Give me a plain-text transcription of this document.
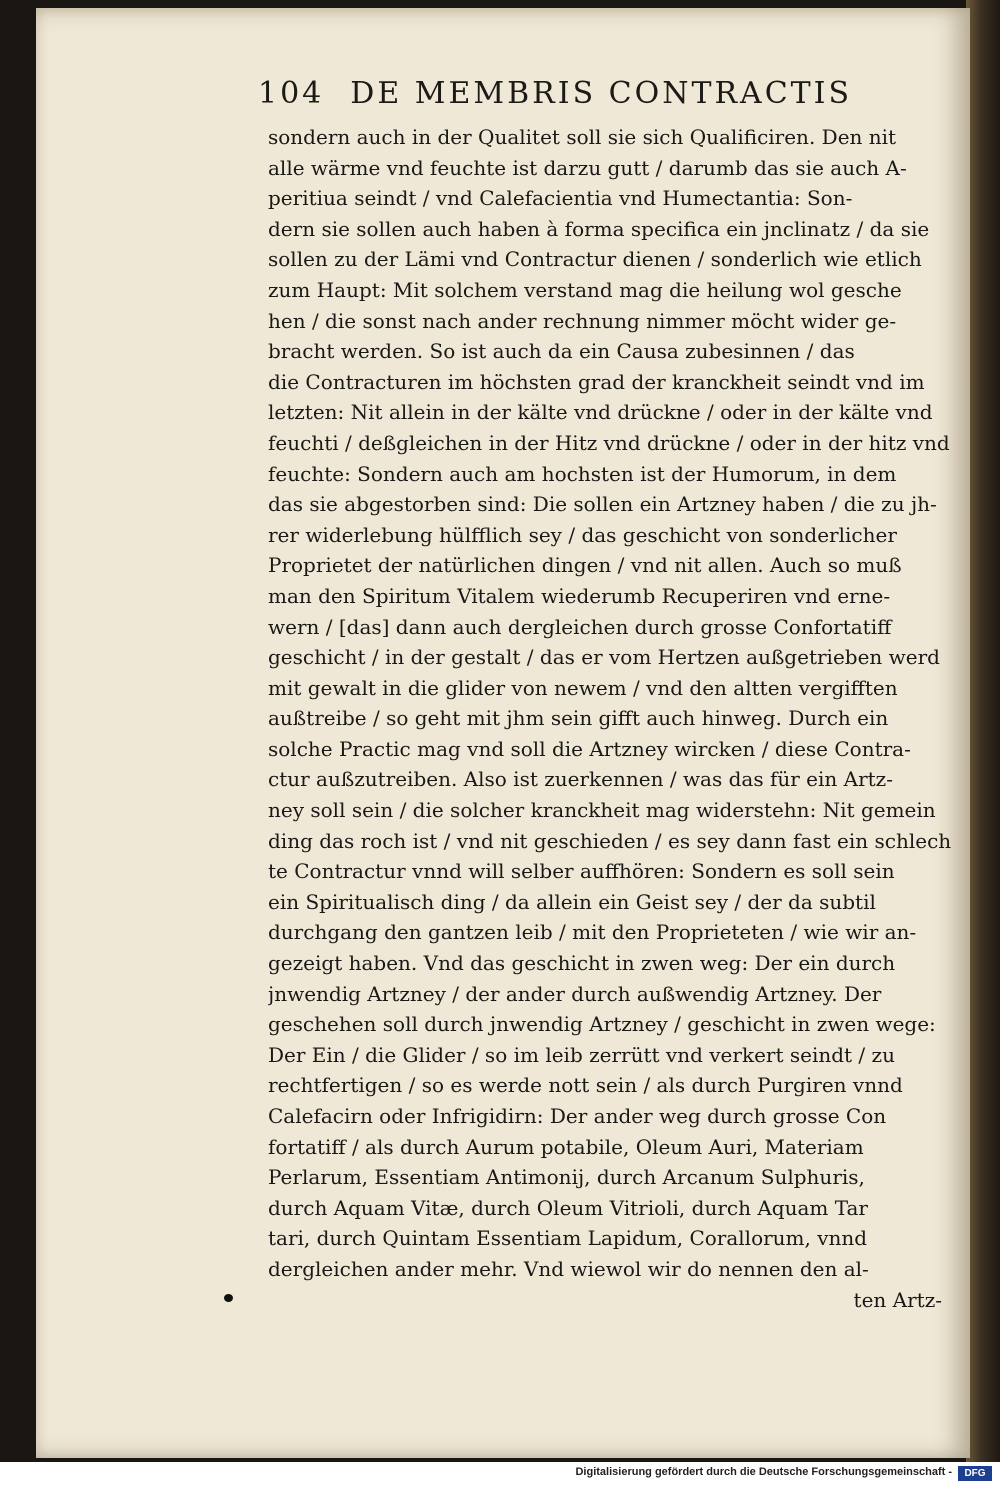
104 DE MEMBRIS CONTRACTIS
sondern auch in der Qualitet soll sie sich Qualificiren. Den nit
alle wärme vnd feuchte ist darzu gutt / darumb das sie auch A-
peritiua seindt / vnd Calefacientia vnd Humectantia: Son-
dern sie sollen auch haben à forma specifica ein jnclinatz / da sie
sollen zu der Lämi vnd Contractur dienen / sonderlich wie etlich
zum Haupt: Mit solchem verstand mag die heilung wol gesche
hen / die sonst nach ander rechnung nimmer möcht wider ge-
bracht werden. So ist auch da ein Causa zubesinnen / das
die Contracturen im höchsten grad der kranckheit seindt vnd im
letzten: Nit allein in der kälte vnd drückne / oder in der kälte vnd
feuchti / deßgleichen in der Hitz vnd drückne / oder in der hitz vnd
feuchte: Sondern auch am hochsten ist der Humorum, in dem
das sie abgestorben sind: Die sollen ein Artzney haben / die zu jh-
rer widerlebung hülfflich sey / das geschicht von sonderlicher
Proprietet der natürlichen dingen / vnd nit allen. Auch so muß
man den Spiritum Vitalem wiederumb Recuperiren vnd erne-
wern / [das] dann auch dergleichen durch grosse Confortatiff
geschicht / in der gestalt / das er vom Hertzen außgetrieben werd
mit gewalt in die glider von newem / vnd den altten vergifften
außtreibe / so geht mit jhm sein gifft auch hinweg. Durch ein
solche Practic mag vnd soll die Artzney wircken / diese Contra-
ctur außzutreiben. Also ist zuerkennen / was das für ein Artz-
ney soll sein / die solcher kranckheit mag widerstehn: Nit gemein
ding das roch ist / vnd nit geschieden / es sey dann fast ein schlech
te Contractur vnnd will selber auffhören: Sondern es soll sein
ein Spiritualisch ding / da allein ein Geist sey / der da subtil
durchgang den gantzen leib / mit den Proprieteten / wie wir an-
gezeigt haben. Vnd das geschicht in zwen weg: Der ein durch
jnwendig Artzney / der ander durch außwendig Artzney. Der
geschehen soll durch jnwendig Artzney / geschicht in zwen wege:
Der Ein / die Glider / so im leib zerrütt vnd verkert seindt / zu
rechtfertigen / so es werde nott sein / als durch Purgiren vnnd
Calefacirn oder Infrigidirn: Der ander weg durch grosse Con
fortatiff / als durch Aurum potabile, Oleum Auri, Materiam
Perlarum, Essentiam Antimonij, durch Arcanum Sulphuris,
durch Aquam Vitæ, durch Oleum Vitrioli, durch Aquam Tar
tari, durch Quintam Essentiam Lapidum, Corallorum, vnnd
dergleichen ander mehr. Vnd wiewol wir do nennen den al-
ten Artz-
Digitalisierung gefördert durch die Deutsche Forschungsgemeinschaft -	DFG
